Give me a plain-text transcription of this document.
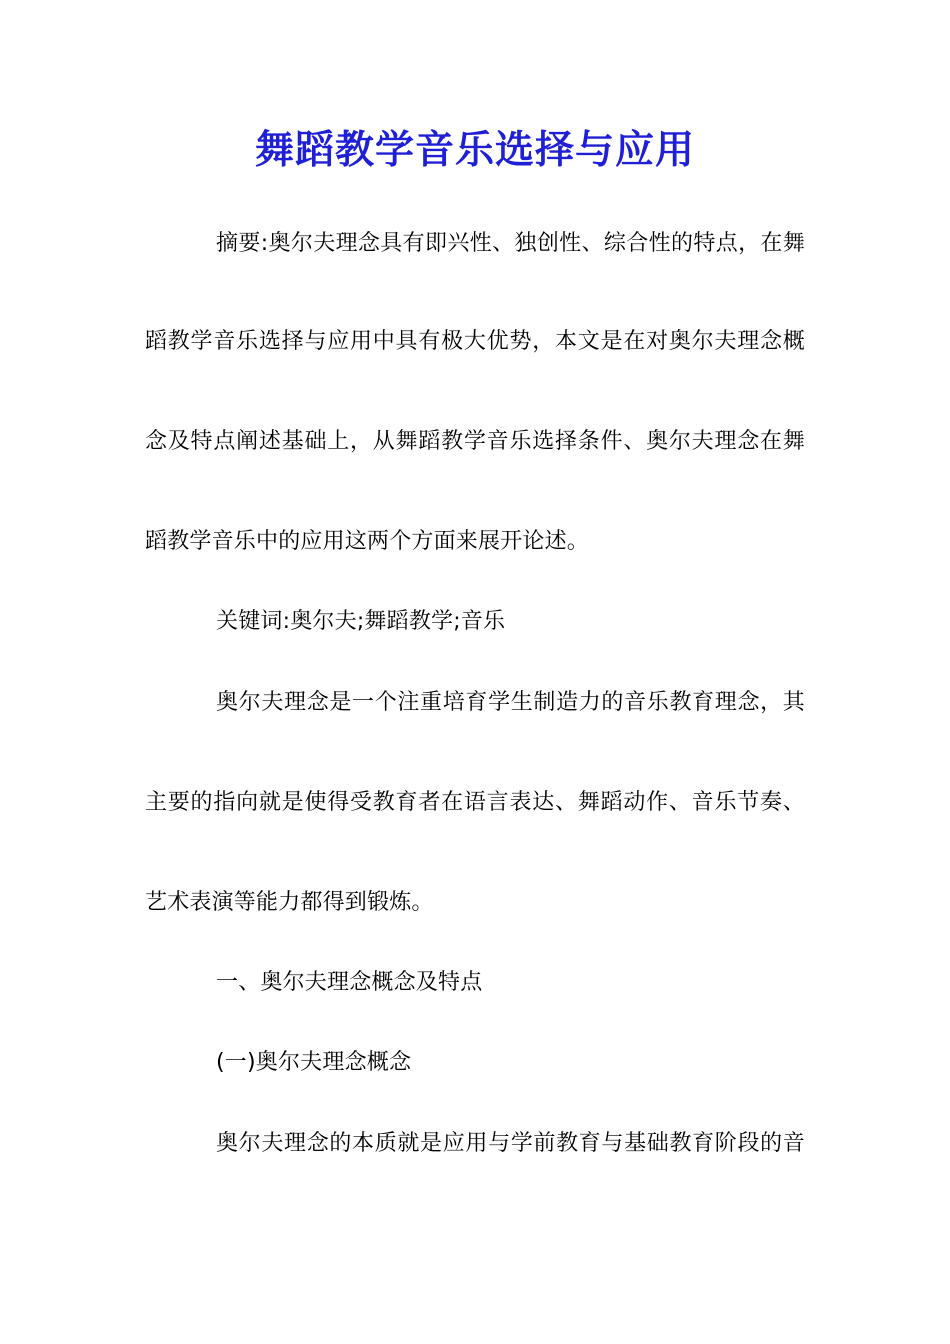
舞蹈教学音乐选择与应用
摘要:奥尔夫理念具有即兴性、独创性、综合性的特点，在舞
蹈教学音乐选择与应用中具有极大优势，本文是在对奥尔夫理念概
念及特点阐述基础上，从舞蹈教学音乐选择条件、奥尔夫理念在舞
蹈教学音乐中的应用这两个方面来展开论述。
关键词:奥尔夫;舞蹈教学;音乐
奥尔夫理念是一个注重培育学生制造力的音乐教育理念，其
主要的指向就是使得受教育者在语言表达、舞蹈动作、音乐节奏、
艺术表演等能力都得到锻炼。
一、奥尔夫理念概念及特点
(一)奥尔夫理念概念
奥尔夫理念的本质就是应用与学前教育与基础教育阶段的音
